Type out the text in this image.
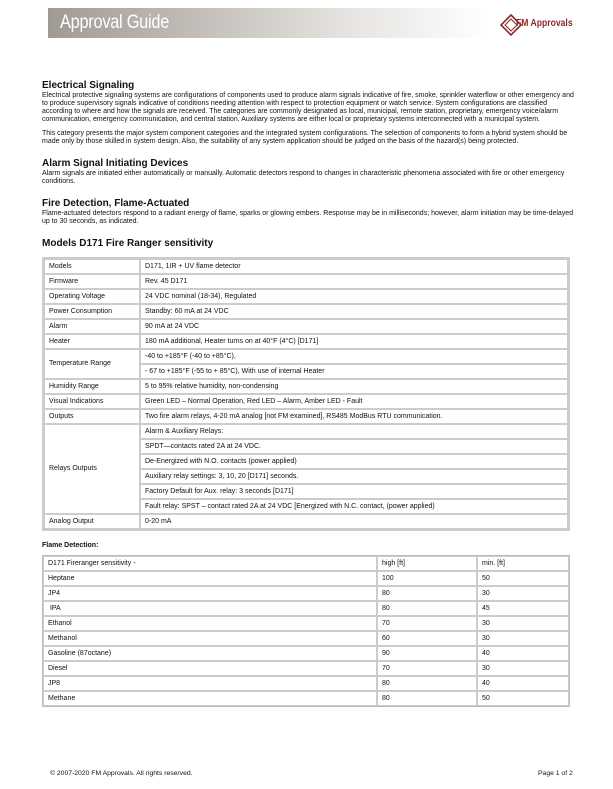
Approval Guide	FM Approvals
Electrical Signaling

Electrical protective signaling systems are configurations of components used to produce alarm signals indicative of fire, smoke, sprinkler waterflow or other emergency and to produce supervisory signals indicative of conditions needing attention with respect to protection equipment or watch service. System configurations are classified according to where and how the signals are received. The categories are commonly designated as local, municipal, remote station, proprietary, emergency voice/alarm communication, emergency communication, and central station. Auxiliary systems are either local or proprietary systems interconnected with a municipal system.

This category presents the major system component categories and the integrated system configurations. The selection of components to form a hybrid system should be made only by those skilled in system design. Also, the suitability of any system application should be judged on the basis of the hazard(s) being protected.

Alarm Signal Initiating Devices

Alarm signals are initiated either automatically or manually. Automatic detectors respond to changes in characteristic phenomena associated with fire or other emergency conditions.

Fire Detection, Flame-Actuated

Flame-actuated detectors respond to a radiant energy of flame, sparks or glowing embers. Response may be in milliseconds; however, alarm initiation may be time-delayed up to 30 seconds, as indicated.

Models D171 Fire Ranger sensitivity
Models	D171, 1IR + UV flame detector
Firmware	Rev. 45 D171
Operating Voltage	24 VDC nominal (18-34), Regulated
Power Consumption	Standby: 60 mA at 24 VDC
Alarm	90 mA at 24 VDC
Heater	180 mA additional, Heater turns on at 40°F (4°C) [D171]
Temperature Range	-40 to +185°F (-40 to +85°C),
	- 67 to +185°F (-55 to + 85°C), With use of internal Heater
Humidity Range	5 to 95% relative humidity, non-condensing
Visual Indications	Green LED – Normal Operation, Red LED – Alarm, Amber LED - Fault
Outputs	Two fire alarm relays, 4-20 mA analog [not FM examined], RS485 ModBus RTU communication.
Relays Outputs	Alarm & Auxiliary Relays:
	SPDT—contacts rated 2A at 24 VDC.
	De-Energized with N.O. contacts (power applied)
	Auxiliary relay settings: 3, 10, 20 [D171] seconds.
	Factory Default for Aux. relay: 3 seconds [D171]
	Fault relay: SPST – contact rated 2A at 24 VDC [Energized with N.C. contact, (power applied)
Analog Output	0-20 mA
Flame Detection:
D171 Fireranger sensitivity -	high [ft]	min. [ft]
Heptane	100	50
JP4	80	30
IPA	80	45
Ethanol	70	30
Methanol	60	30
Gasoline (87octane)	90	40
Diesel	70	30
JP8	80	40
Methane	80	50
© 2007-2020 FM Approvals. All rights reserved.	Page 1 of 2
